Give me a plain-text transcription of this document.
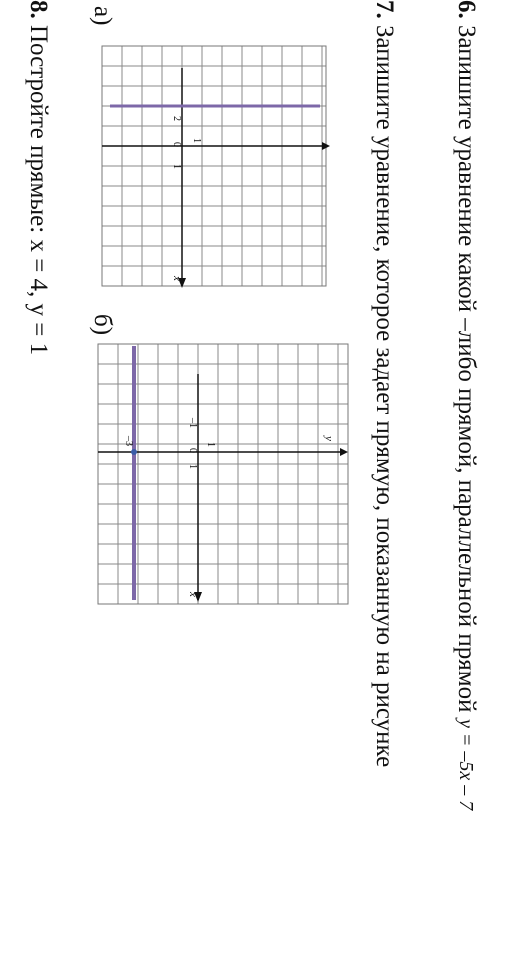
6. Запишите уравнение какой –либо прямой, параллельной прямой y = –5x – 7
7. Запишите уравнение, которое задает прямую, показанную на рисунке
а)
б)
0
1
1
2
x
y
0
1
–1
1
–3
x
8. Постройте прямые: x = 4, y = 1
